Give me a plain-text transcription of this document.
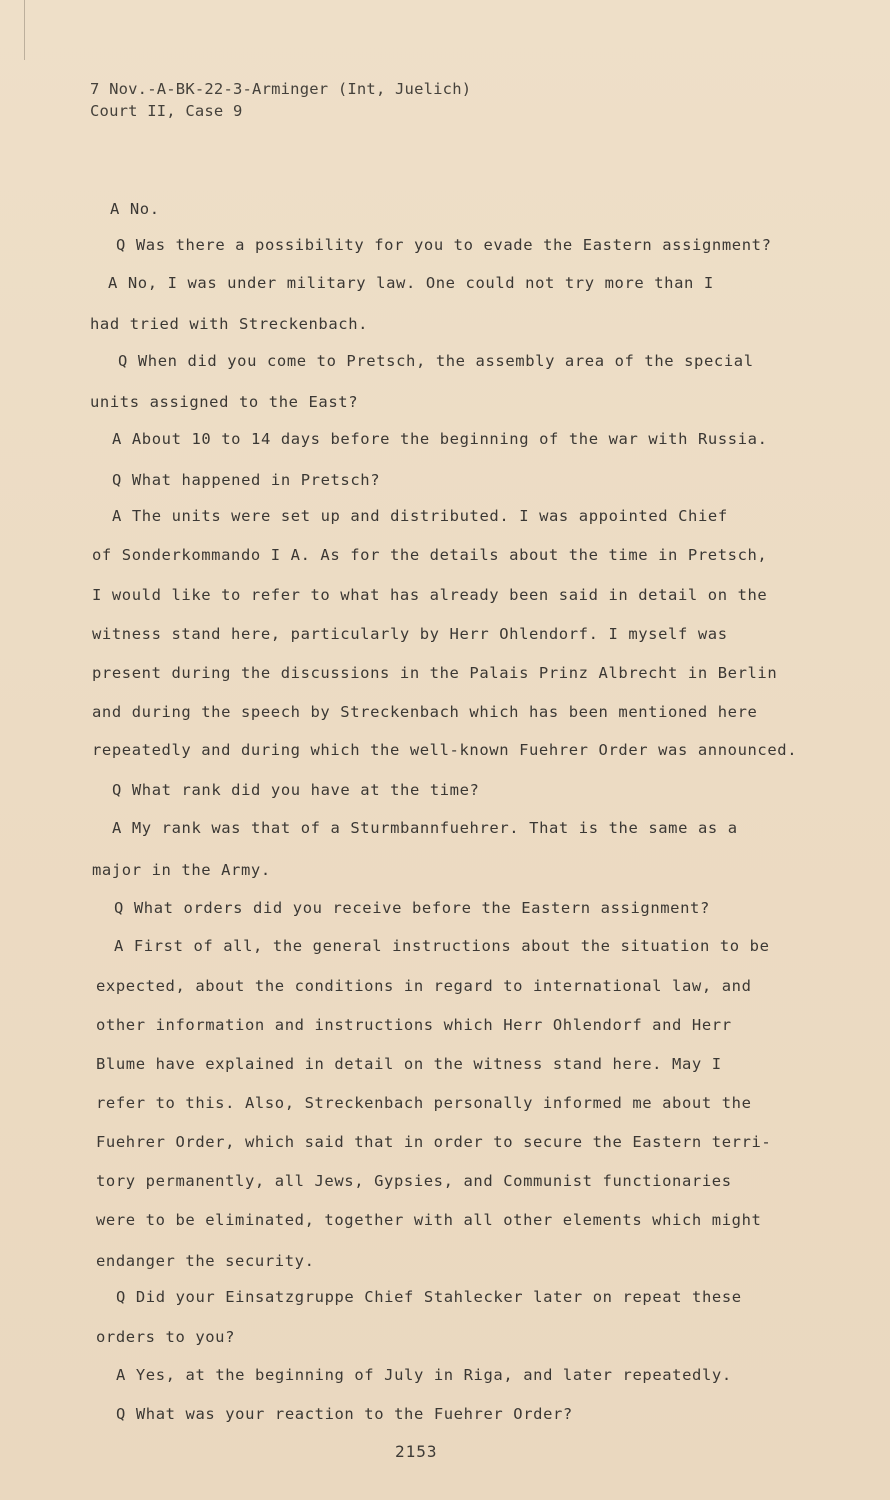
7 Nov.-A-BK-22-3-Arminger (Int, Juelich)
Court II, Case 9
A No.
Q Was there a possibility for you to evade the Eastern assignment?
A No, I was under military law. One could not try more than I
had tried with Streckenbach.
Q When did you come to Pretsch, the assembly area of the special
units assigned to the East?
A About 10 to 14 days before the beginning of the war with Russia.
Q What happened in Pretsch?
A The units were set up and distributed. I was appointed Chief
of Sonderkommando I A. As for the details about the time in Pretsch,
I would like to refer to what has already been said in detail on the
witness stand here, particularly by Herr Ohlendorf. I myself was
present during the discussions in the Palais Prinz Albrecht in Berlin
and during the speech by Streckenbach which has been mentioned here
repeatedly and during which the well-known Fuehrer Order was announced.
Q What rank did you have at the time?
A My rank was that of a Sturmbannfuehrer. That is the same as a
major in the Army.
Q What orders did you receive before the Eastern assignment?
A First of all, the general instructions about the situation to be
expected, about the conditions in regard to international law, and
other information and instructions which Herr Ohlendorf and Herr
Blume have explained in detail on the witness stand here. May I
refer to this. Also, Streckenbach personally informed me about the
Fuehrer Order, which said that in order to secure the Eastern terri-
tory permanently, all Jews, Gypsies, and Communist functionaries
were to be eliminated, together with all other elements which might
endanger the security.
Q Did your Einsatzgruppe Chief Stahlecker later on repeat these
orders to you?
A Yes, at the beginning of July in Riga, and later repeatedly.
Q What was your reaction to the Fuehrer Order?
2153
